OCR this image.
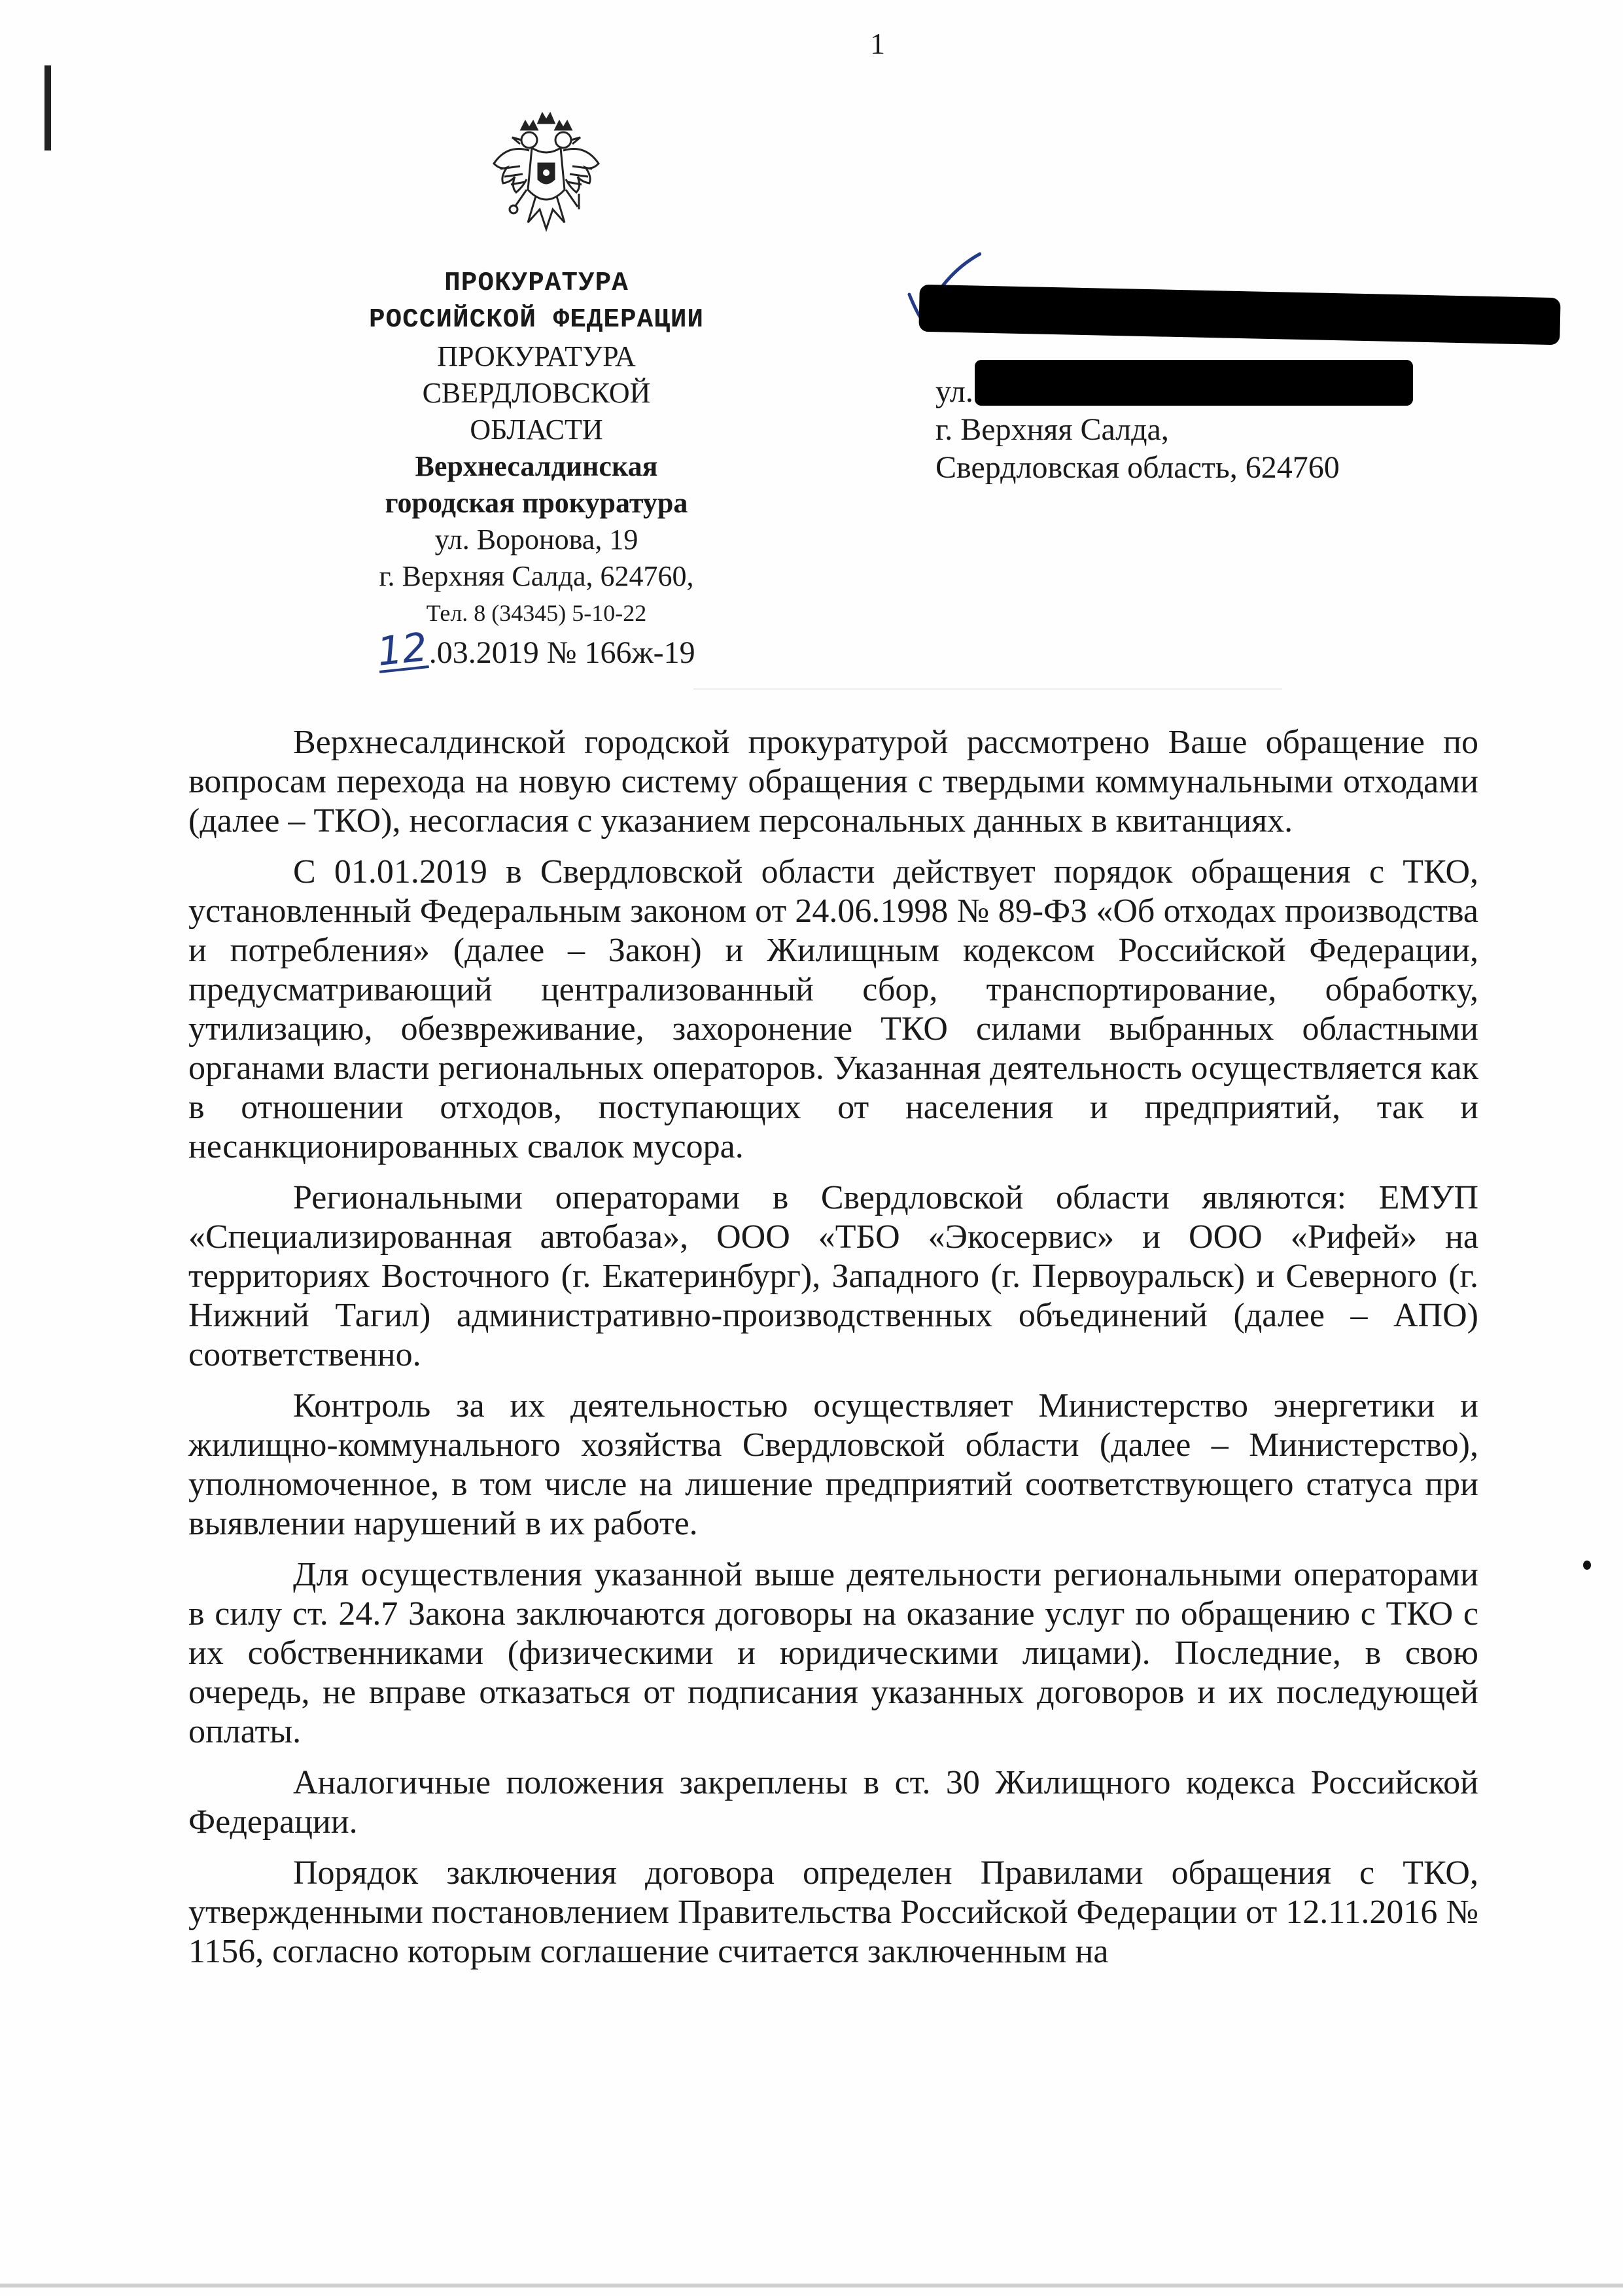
1
ПРОКУРАТУРА
РОССИЙСКОЙ ФЕДЕРАЦИИ
ПРОКУРАТУРА
СВЕРДЛОВСКОЙ
ОБЛАСТИ
Верхнесалдинская
городская прокуратура
ул. Воронова, 19
г. Верхняя Салда, 624760,
Тел. 8 (34345) 5-10-22
12.03.2019 № 166ж-19
ул.
г. Верхняя Салда,
Свердловская область, 624760

Верхнесалдинской городской прокуратурой рассмотрено Ваше обращение по вопросам перехода на новую систему обращения с твердыми коммунальными отходами (далее – ТКО), несогласия с указанием персональных данных в квитанциях.

С 01.01.2019 в Свердловской области действует порядок обращения с ТКО, установленный Федеральным законом от 24.06.1998 № 89-ФЗ «Об отходах производства и потребления» (далее – Закон) и Жилищным кодексом Российской Федерации, предусматривающий централизованный сбор, транспортирование, обработку, утилизацию, обезвреживание, захоронение ТКО силами выбранных областными органами власти региональных операторов. Указанная деятельность осуществляется как в отношении отходов, поступающих от населения и предприятий, так и несанкционированных свалок мусора.

Региональными операторами в Свердловской области являются: ЕМУП «Специализированная автобаза», ООО «ТБО «Экосервис» и ООО «Рифей» на территориях Восточного (г. Екатеринбург), Западного (г. Первоуральск) и Северного (г. Нижний Тагил) административно-производственных объединений (далее – АПО) соответственно.

Контроль за их деятельностью осуществляет Министерство энергетики и жилищно-коммунального хозяйства Свердловской области (далее – Министерство), уполномоченное, в том числе на лишение предприятий соответствующего статуса при выявлении нарушений в их работе.

Для осуществления указанной выше деятельности региональными операторами в силу ст. 24.7 Закона заключаются договоры на оказание услуг по обращению с ТКО с их собственниками (физическими и юридическими лицами). Последние, в свою очередь, не вправе отказаться от подписания указанных договоров и их последующей оплаты.

Аналогичные положения закреплены в ст. 30 Жилищного кодекса Российской Федерации.

Порядок заключения договора определен Правилами обращения с ТКО, утвержденными постановлением Правительства Российской Федерации от 12.11.2016 № 1156, согласно которым соглашение считается заключенным на
